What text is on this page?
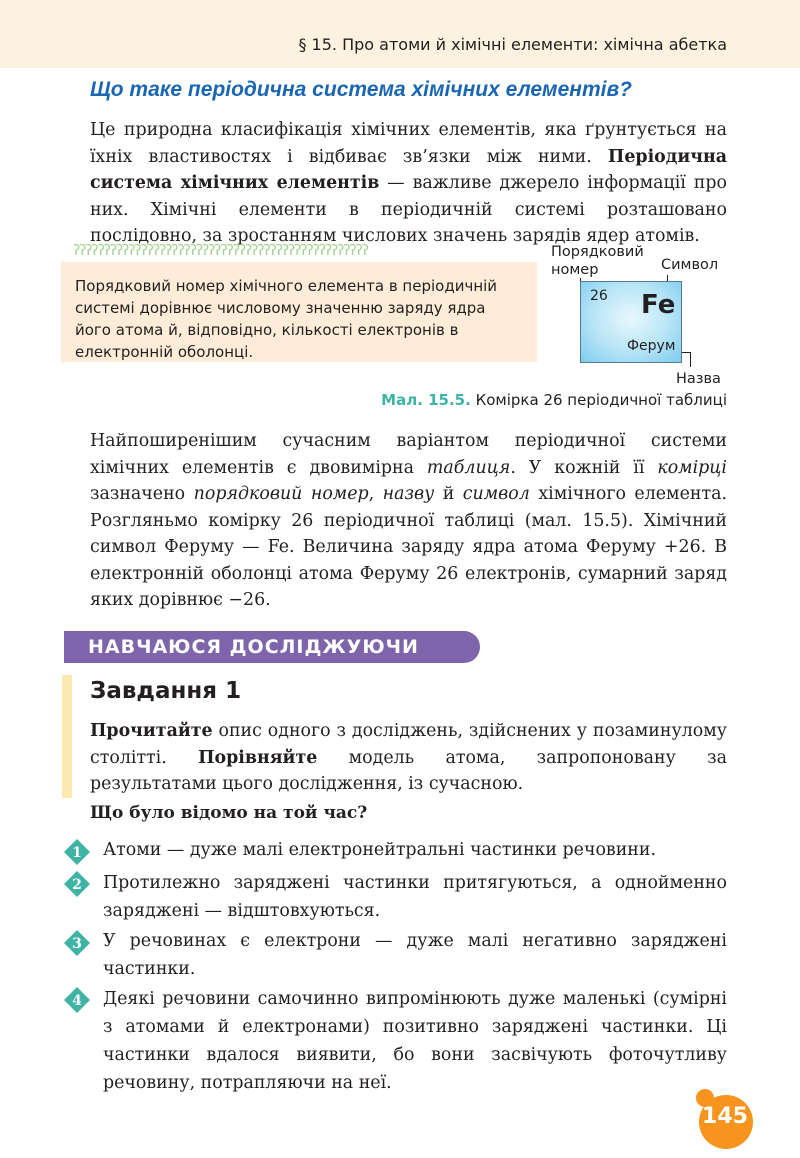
§ 15. Про атоми й хімічні елементи: хімічна абетка
Що таке періодична система хімічних елементів?

Це природна класифікація хімічних елементів, яка ґрунтується на їхніх властивостях і відбиває зв’язки між ними. Періодична система хімічних елементів — важливе джерело інформації про них. Хімічні елементи в періодичній системі розташовано послідовно, за зростанням числових значень зарядів ядер атомів.

ʔʔʔʔʔʔʔʔʔʔʔʔʔʔʔʔʔʔʔʔʔʔʔʔʔʔʔʔʔʔʔʔʔʔʔʔʔʔʔʔʔʔʔʔʔʔʔʔ

Порядковий номер хімічного елемента в періодичній системі дорівнює числовому значенню заряду ядра його атома й, відповідно, кількості електронів в електронній оболонці.

Порядковий
номер	Символ
26 Fe
Ферум
Назва
Мал. 15.5. Комірка 26 періодичної таблиці

Найпоширенішим сучасним варіантом періодичної системи хімічних елементів є двовимірна таблиця. У кожній її комірці зазначено порядковий номер, назву й символ хімічного елемента. Розгляньмо комірку 26 періодичної таблиці (мал. 15.5). Хімічний символ Феруму — Fe. Величина заряду ядра атома Феруму +26. В електронній оболонці атома Феруму 26 електронів, сумарний заряд яких дорівнює −26.

НАВЧАЮСЯ ДОСЛІДЖУЮЧИ
Завдання 1

Прочитайте опис одного з досліджень, здійснених у позаминулому столітті. Порівняйте модель атома, запропоновану за результатами цього дослідження, із сучасною.

Що було відомо на той час?
1 Атоми — дуже малі електронейтральні частинки речовини.

2 Протилежно заряджені частинки притягуються, а однойменно заряджені — відштовхуються.

3 У речовинах є електрони — дуже малі негативно заряджені частинки.

4 Деякі речовини самочинно випромінюють дуже маленькі (сумірні з атомами й електронами) позитивно заряджені частинки. Ці частинки вдалося виявити, бо вони засвічують фоточутливу речовину, потрапляючи на неї.

145
